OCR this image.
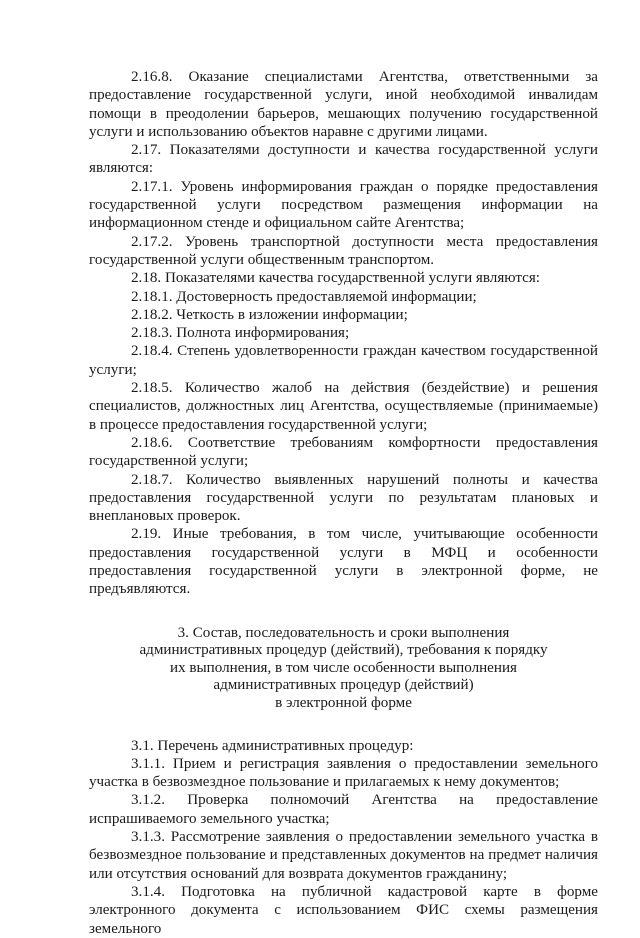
2.16.8. Оказание специалистами Агентства, ответственными за предоставление государственной услуги, иной необходимой инвалидам помощи в преодолении барьеров, мешающих получению государственной услуги и использованию объектов наравне с другими лицами.

2.17. Показателями доступности и качества государственной услуги являются:

2.17.1. Уровень информирования граждан о порядке предоставления государственной услуги посредством размещения информации на информационном стенде и официальном сайте Агентства;

2.17.2. Уровень транспортной доступности места предоставления государственной услуги общественным транспортом.

2.18. Показателями качества государственной услуги являются:

2.18.1. Достоверность предоставляемой информации;

2.18.2. Четкость в изложении информации;

2.18.3. Полнота информирования;

2.18.4. Степень удовлетворенности граждан качеством государственной услуги;

2.18.5. Количество жалоб на действия (бездействие) и решения специалистов, должностных лиц Агентства, осуществляемые (принимаемые) в процессе предоставления государственной услуги;

2.18.6. Соответствие требованиям комфортности предоставления государственной услуги;

2.18.7. Количество выявленных нарушений полноты и качества предоставления государственной услуги по результатам плановых и внеплановых проверок.

2.19. Иные требования, в том числе, учитывающие особенности предоставления государственной услуги в МФЦ и особенности предоставления государственной услуги в электронной форме, не предъявляются.

3. Состав, последовательность и сроки выполнения
административных процедур (действий), требования к порядку
их выполнения, в том числе особенности выполнения
административных процедур (действий)
в электронной форме

3.1. Перечень административных процедур:

3.1.1. Прием и регистрация заявления о предоставлении земельного участка в безвозмездное пользование и прилагаемых к нему документов;

3.1.2. Проверка полномочий Агентства на предоставление испрашиваемого земельного участка;

3.1.3. Рассмотрение заявления о предоставлении земельного участка в безвозмездное пользование и представленных документов на предмет наличия или отсутствия оснований для возврата документов гражданину;

3.1.4. Подготовка на публичной кадастровой карте в форме электронного документа с использованием ФИС схемы размещения земельного
